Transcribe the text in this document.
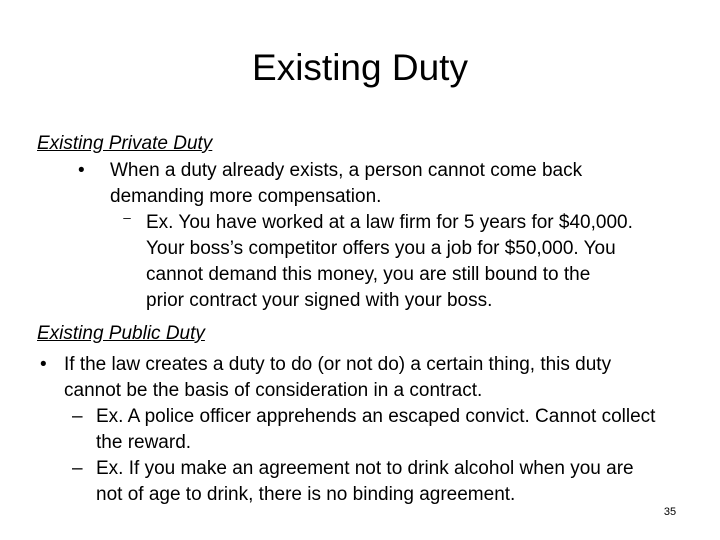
Existing Duty
Existing Private Duty
• When a duty already exists, a person cannot come back
demanding more compensation.
⁻ Ex. You have worked at a law firm for 5 years for $40,000.
Your boss’s competitor offers you a job for $50,000. You
cannot demand this money, you are still bound to the
prior contract your signed with your boss.
Existing Public Duty
• If the law creates a duty to do (or not do) a certain thing, this duty
cannot be the basis of consideration in a contract.
– Ex. A police officer apprehends an escaped convict. Cannot collect
the reward.
– Ex. If you make an agreement not to drink alcohol when you are
not of age to drink, there is no binding agreement.
35
